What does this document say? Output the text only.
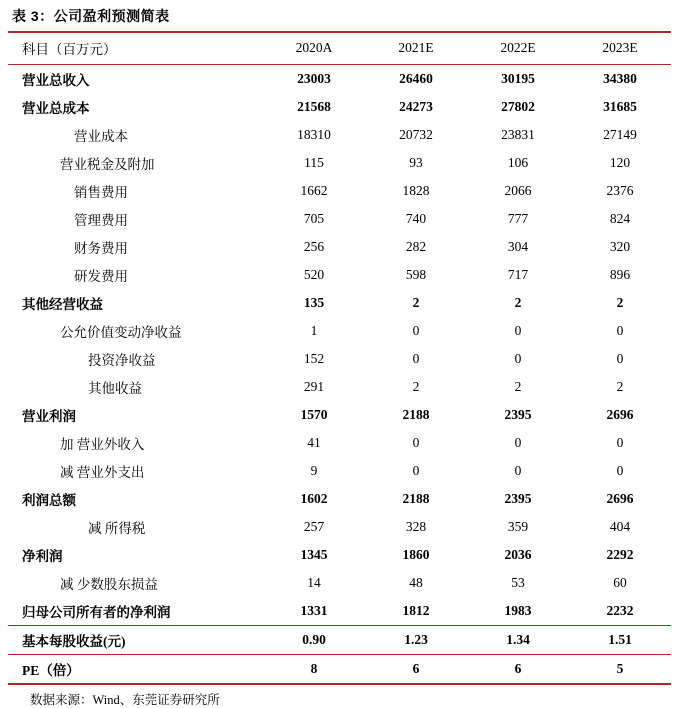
表 3：公司盈利预测简表
科目（百万元）	2020A	2021E	2022E	2023E
营业总收入	23003	26460	30195	34380
营业总成本	21568	24273	27802	31685
营业成本	18310	20732	23831	27149
营业税金及附加	115	93	106	120
销售费用	1662	1828	2066	2376
管理费用	705	740	777	824
财务费用	256	282	304	320
研发费用	520	598	717	896
其他经营收益	135	2	2	2
公允价值变动净收益	1	0	0	0
投资净收益	152	0	0	0
其他收益	291	2	2	2
营业利润	1570	2188	2395	2696
加 营业外收入	41	0	0	0
减 营业外支出	9	0	0	0
利润总额	1602	2188	2395	2696
减 所得税	257	328	359	404
净利润	1345	1860	2036	2292
减 少数股东损益	14	48	53	60
归母公司所有者的净利润	1331	1812	1983	2232
基本每股收益(元)	0.90	1.23	1.34	1.51
PE（倍）	8	6	6	5

数据来源：Wind、东莞证券研究所
